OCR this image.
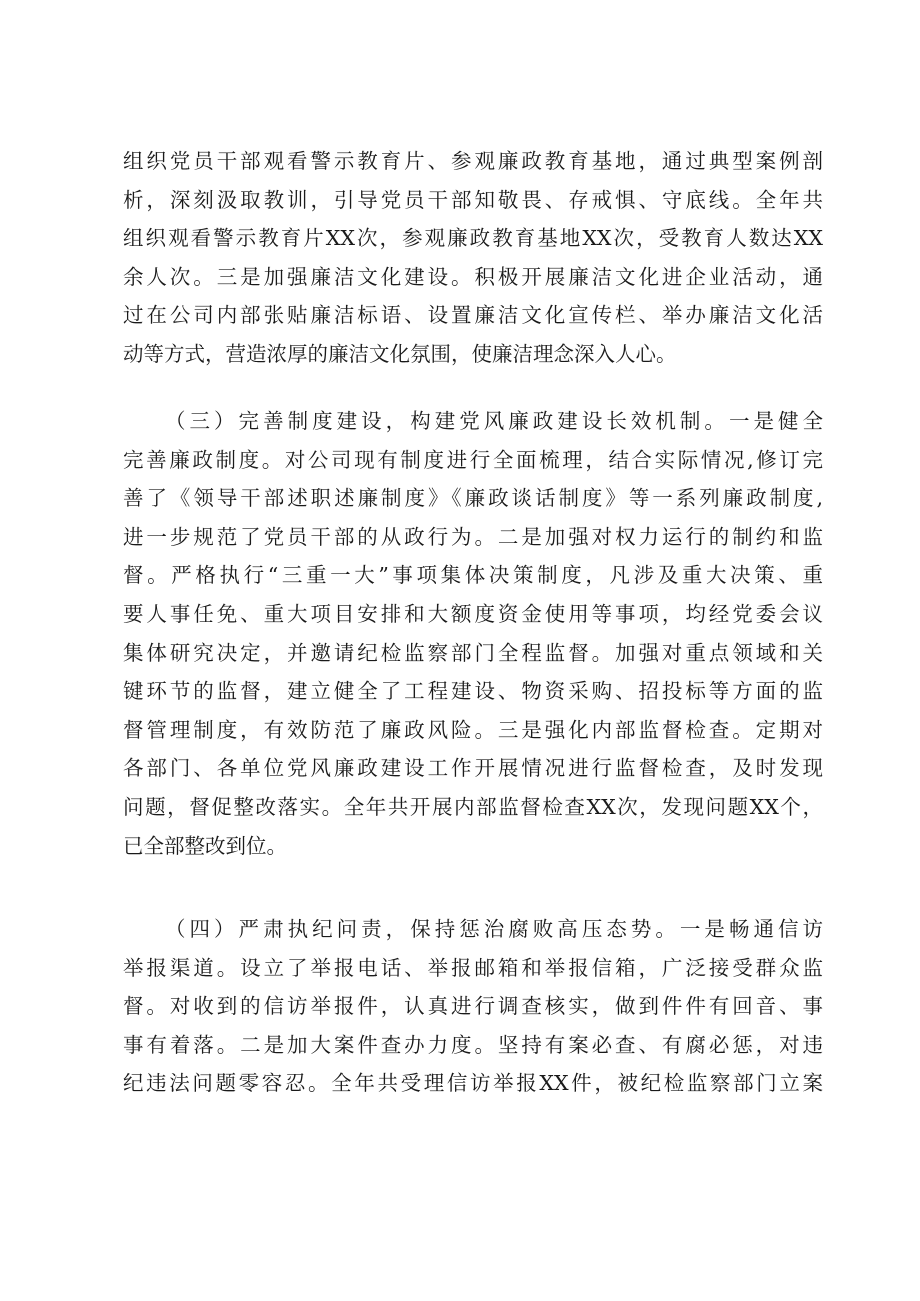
组织党员干部观看警示教育片、参观廉政教育基地，通过典型案例剖
析，深刻汲取教训，引导党员干部知敬畏、存戒惧、守底线。全年共
组织观看警示教育片XX次，参观廉政教育基地XX次，受教育人数达XX
余人次。三是加强廉洁文化建设。积极开展廉洁文化进企业活动，通
过在公司内部张贴廉洁标语、设置廉洁文化宣传栏、举办廉洁文化活
动等方式，营造浓厚的廉洁文化氛围，使廉洁理念深入人心。
（三）完善制度建设，构建党风廉政建设长效机制。一是健全
完善廉政制度。对公司现有制度进行全面梳理，结合实际情况,修订完
善了《领导干部述职述廉制度》《廉政谈话制度》等一系列廉政制度,
进一步规范了党员干部的从政行为。二是加强对权力运行的制约和监
督。严格执行“三重一大”事项集体决策制度，凡涉及重大决策、重
要人事任免、重大项目安排和大额度资金使用等事项，均经党委会议
集体研究决定，并邀请纪检监察部门全程监督。加强对重点领域和关
键环节的监督，建立健全了工程建设、物资采购、招投标等方面的监
督管理制度，有效防范了廉政风险。三是强化内部监督检查。定期对
各部门、各单位党风廉政建设工作开展情况进行监督检查，及时发现
问题，督促整改落实。全年共开展内部监督检查XX次，发现问题XX个，
已全部整改到位。
（四）严肃执纪问责，保持惩治腐败高压态势。一是畅通信访
举报渠道。设立了举报电话、举报邮箱和举报信箱，广泛接受群众监
督。对收到的信访举报件，认真进行调查核实，做到件件有回音、事
事有着落。二是加大案件查办力度。坚持有案必查、有腐必惩，对违
纪违法问题零容忍。全年共受理信访举报XX件，被纪检监察部门立案
